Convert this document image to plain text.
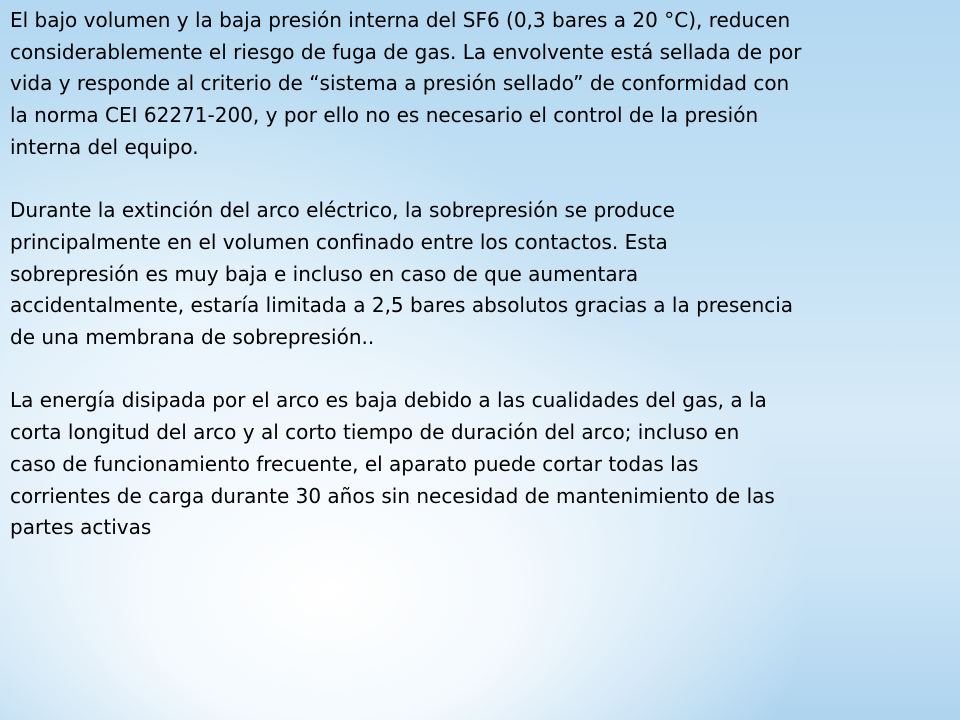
El bajo volumen y la baja presión interna del SF6 (0,3 bares a 20 °C), reducen
considerablemente el riesgo de fuga de gas. La envolvente está sellada de por
vida y responde al criterio de “sistema a presión sellado” de conformidad con
la norma CEI 62271-200, y por ello no es necesario el control de la presión
interna del equipo.

Durante la extinción del arco eléctrico, la sobrepresión se produce
principalmente en el volumen confinado entre los contactos. Esta
sobrepresión es muy baja e incluso en caso de que aumentara
accidentalmente, estaría limitada a 2,5 bares absolutos gracias a la presencia
de una membrana de sobrepresión..

La energía disipada por el arco es baja debido a las cualidades del gas, a la
corta longitud del arco y al corto tiempo de duración del arco; incluso en
caso de funcionamiento frecuente, el aparato puede cortar todas las
corrientes de carga durante 30 años sin necesidad de mantenimiento de las
partes activas
